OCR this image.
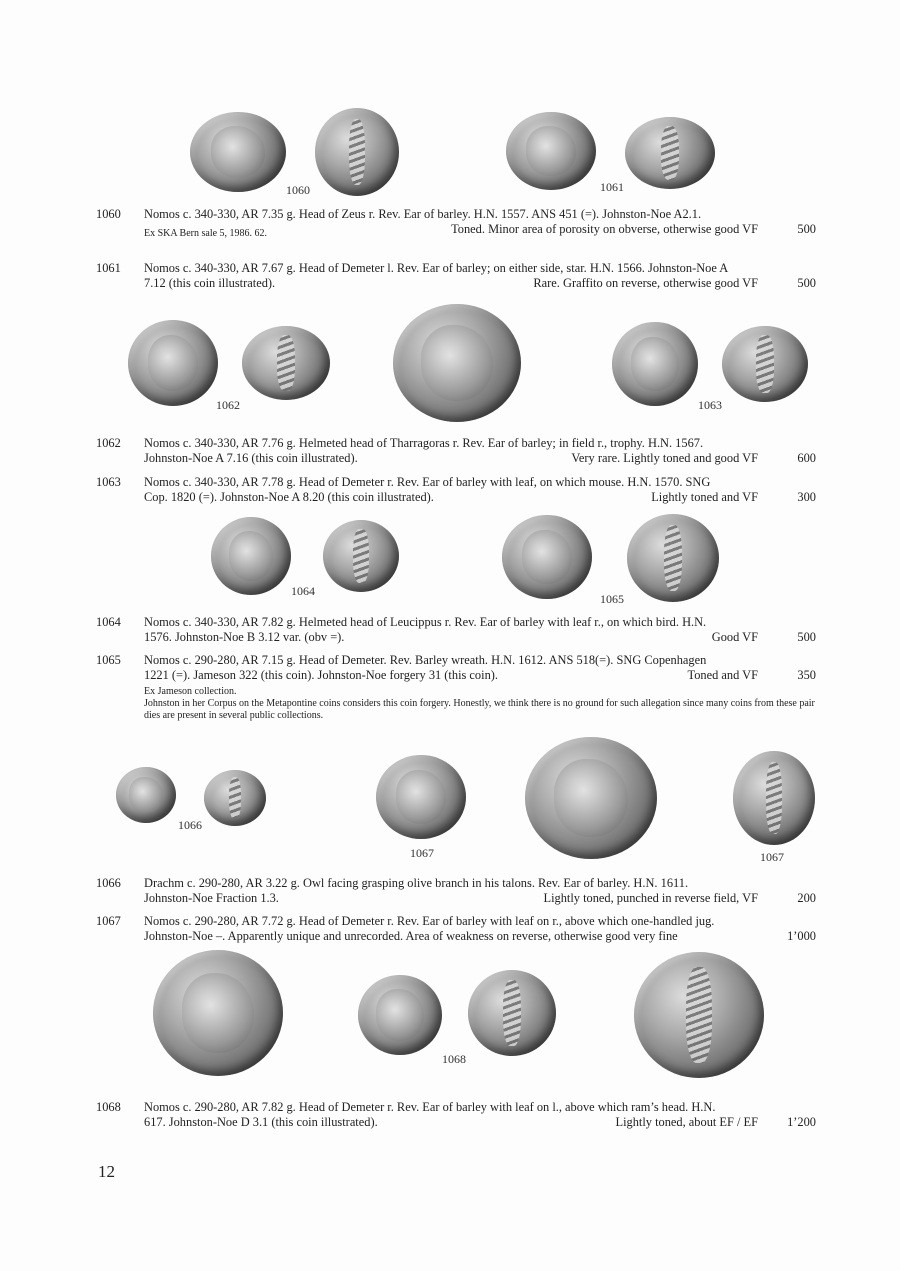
1060	1061
1062	1063
1064
1065
1066
1067	1067
1068
1060 Nomos c. 340-330, AR 7.35 g. Head of Zeus r. Rev. Ear of barley. H.N. 1557. ANS 451 (=). Johnston-Noe A2.1.
Ex SKA Bern sale 5, 1986. 62.	Toned. Minor area of porosity on obverse, otherwise good VF	500
1061 Nomos c. 340-330, AR 7.67 g. Head of Demeter l. Rev. Ear of barley; on either side, star. H.N. 1566. Johnston-Noe A
7.12 (this coin illustrated).	Rare. Graffito on reverse, otherwise good VF	500
1062 Nomos c. 340-330, AR 7.76 g. Helmeted head of Tharragoras r. Rev. Ear of barley; in field r., trophy. H.N. 1567.
Johnston-Noe A 7.16 (this coin illustrated).	Very rare. Lightly toned and good VF	600
1063 Nomos c. 340-330, AR 7.78 g. Head of Demeter r. Rev. Ear of barley with leaf, on which mouse. H.N. 1570. SNG
Cop. 1820 (=). Johnston-Noe A 8.20 (this coin illustrated).	Lightly toned and VF	300
1064 Nomos c. 340-330, AR 7.82 g. Helmeted head of Leucippus r. Rev. Ear of barley with leaf r., on which bird. H.N.
1576. Johnston-Noe B 3.12 var. (obv =).	Good VF	500
1065 Nomos c. 290-280, AR 7.15 g. Head of Demeter. Rev. Barley wreath. H.N. 1612. ANS 518(=). SNG Copenhagen
1221 (=). Jameson 322 (this coin). Johnston-Noe forgery 31 (this coin).	Toned and VF	350
Ex Jameson collection.
Johnston in her Corpus on the Metapontine coins considers this coin forgery. Honestly, we think there is no ground for such allegation since many coins from these pair dies are present in several public collections.
1066 Drachm c. 290-280, AR 3.22 g. Owl facing grasping olive branch in his talons. Rev. Ear of barley. H.N. 1611.
Johnston-Noe Fraction 1.3.	Lightly toned, punched in reverse field, VF	200
1067 Nomos c. 290-280, AR 7.72 g. Head of Demeter r. Rev. Ear of barley with leaf on r., above which one-handled jug.
Johnston-Noe –. Apparently unique and unrecorded. Area of weakness on reverse, otherwise good very fine	1’000
1068 Nomos c. 290-280, AR 7.82 g. Head of Demeter r. Rev. Ear of barley with leaf on l., above which ram’s head. H.N.
617. Johnston-Noe D 3.1 (this coin illustrated).	Lightly toned, about EF / EF 1’200
12
